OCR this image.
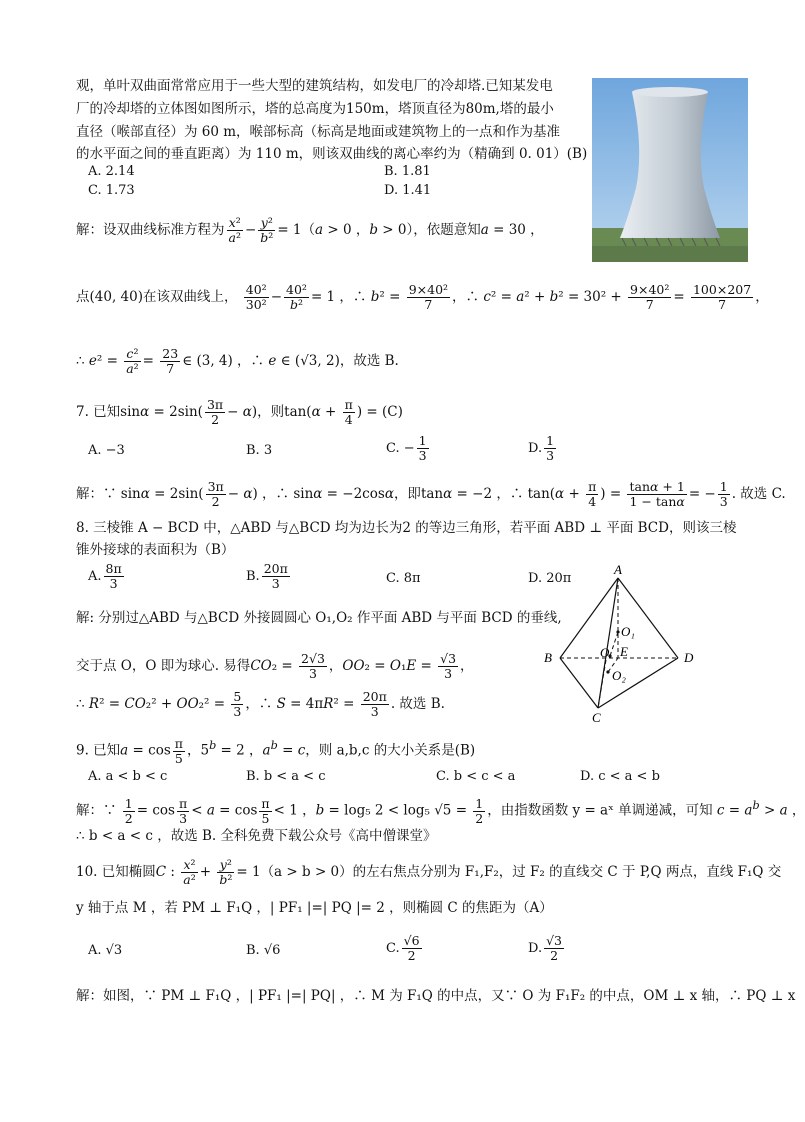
观，单叶双曲面常常应用于一些大型的建筑结构，如发电厂的冷却塔.已知某发电
厂的冷却塔的立体图如图所示，塔的总高度为150m，塔顶直径为80m,塔的最小
直径（喉部直径）为 60 m，喉部标高（标高是地面或建筑物上的一点和作为基准
的水平面之间的垂直距离）为 110 m，则该双曲线的离心率约为（精确到 0. 01）(B)
A. 2.14	B. 1.81
C. 1.73	D. 1.41
解：设双曲线标准方程为 $\frac{\text{x²}}{\text{a²}} - \frac{\text{y²}}{\text{b²}} = 1(a > 0$ ，b > 0），依题意知a = 30 ，
点(40, 40)在该双曲线上， $\frac{\text{40²}}{\text{30²}} - \frac{\text{40²}}{\text{b²}} = 1$ ，∴ $b^2 = \frac{\text{9×40²}}{7}$ ，∴ $c^2 = a^2 + b^2 = 30^2 + \frac{\text{9×40²}}{7} = \frac{100\times 207}{7}$ ，
∴ $e^2 = \frac{\text{c²}}{\text{a²}} = \frac{23}{7}$ ∈ (3, 4) ，∴ e ∈ (√3, 2)，故选 B.
7. 已知$\sin\alpha = 2\sin( \frac{3\pi}{2} - \alpha)$，则$\tan(\alpha + \frac{\pi}{4}$ ) = (C)
A. −3	B. 3	C. − $\frac{1}{3}$	D. $\frac{1}{3}$
解：∵ $\sin\alpha = 2\sin( \frac{3\pi}{2} - \alpha)$ ，∴ sinα = −2cosα，即tanα = −2 ，∴ $\tan(\alpha + \frac{\pi}{4}$ ) = $\frac{\tan\alpha + 1}{1 - \tan\alpha}$ = − $\frac{1}{3}$ . 故选 C.
8. 三棱锥 A − BCD 中，△ABD 与△BCD 均为边长为2 的等边三角形，若平面 ABD ⊥ 平面 BCD，则该三棱
锥外接球的表面积为（B）
A. $\frac{8\pi}{3}$	B. $\frac{20\pi}{3}$	C. 8π	D. 20π
解: 分别过△ABD 与△BCD 外接圆圆心 O₁,O₂ 作平面 ABD 与平面 BCD 的垂线,
交于点 O，O 即为球心. 易得$CO_2 = \frac{2√3}{3}$ ，$OO_2 = O_1E = \frac{√3}{3}$ ，
∴ $R^2 = CO_2^2 + OO_2^2 = \frac{5}{3}$ ，∴ $S = 4\pi R^2 = \frac{20\pi}{3}$ . 故选 B.
A
B
C
D
O₁
O₂
O E
9. 已知$a = \cos \frac{\pi}{5}$ ，$5^b = 2$ ，$a^b = c$，则 a,b,c 的大小关系是(B)
A. a < b < c	B. b < a < c	C. b < c < a	D. c < a < b
解：∵ $\frac{1}{2} = \cos \frac{\pi}{3} < a = \cos \frac{\pi}{5} < 1$ ，b = log₅ 2 < log₅ $√5 = \frac{1}{2}$ ，由指数函数 y = aˣ 单调递减，可知 $c = a^b > a$ ，
∴ b < a < c ，故选 B. 全科免费下载公众号《高中僧课堂》
10. 已知椭圆C : $\frac{\text{x²}}{\text{a²}} + \frac{\text{y²}}{\text{b²}} = 1(a > b > 0)$的左右焦点分别为 F₁,F₂，过 F₂ 的直线交 C 于 P,Q 两点，直线 F₁Q 交
y 轴于点 M ，若 PM ⊥ F₁Q ，| PF₁ |=| PQ |= 2 ，则椭圆 C 的焦距为（A）
A. √3	B. √6	C. $\frac{√6}{2}$	D. $\frac{√3}{2}$
解：如图，∵ PM ⊥ F₁Q ，| PF₁ |=| PQ| ，∴ M 为 F₁Q 的中点，又∵ O 为 F₁F₂ 的中点，OM ⊥ x 轴，∴ PQ ⊥ x
